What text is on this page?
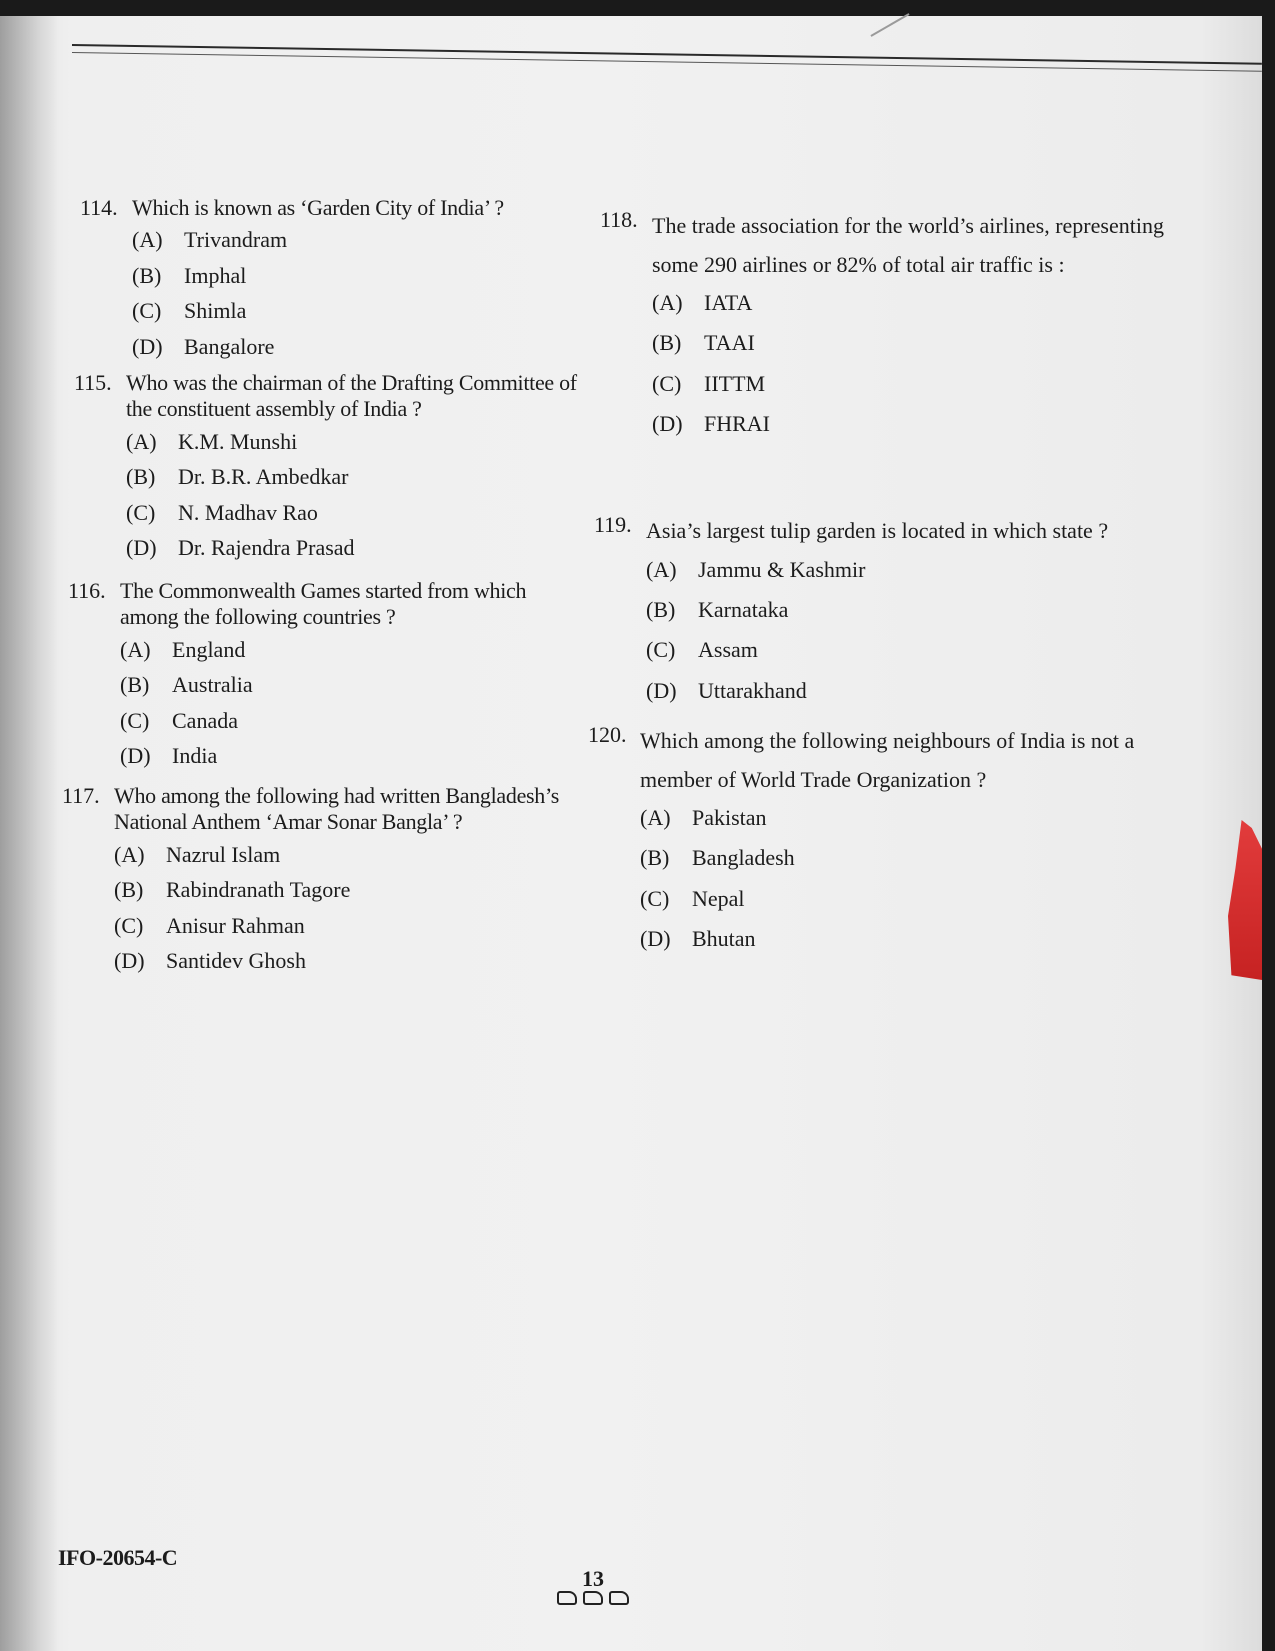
114. Which is known as ‘Garden City of India’ ?
(A) Trivandram
(B)	Imphal
(C)	Shimla
(D) Bangalore
115. Who was the chairman of the Drafting Committee of the constituent assembly of India ?
(A) K.M. Munshi
(B)	Dr. B.R. Ambedkar
(C)	N. Madhav Rao
(D) Dr. Rajendra Prasad
116. The Commonwealth Games started from which among the following countries ?
(A) England
(B)	Australia
(C)	Canada
(D) India
117. Who among the following had written Bangladesh’s National Anthem ‘Amar Sonar Bangla’ ?
(A) Nazrul Islam
(B)	Rabindranath Tagore
(C)	Anisur Rahman
(D) Santidev Ghosh
118. The trade association for the world’s airlines, representing some 290 airlines or 82% of total air traffic is :
(A) IATA
(B)	TAAI
(C)	IITTM
(D) FHRAI
119. Asia’s largest tulip garden is located in which state ?
(A) Jammu & Kashmir
(B)	Karnataka
(C)	Assam
(D) Uttarakhand
120. Which among the following neighbours of India is not a member of World Trade Organization ?
(A) Pakistan
(B)	Bangladesh
(C)	Nepal
(D) Bhutan
IFO-20654-C
13
